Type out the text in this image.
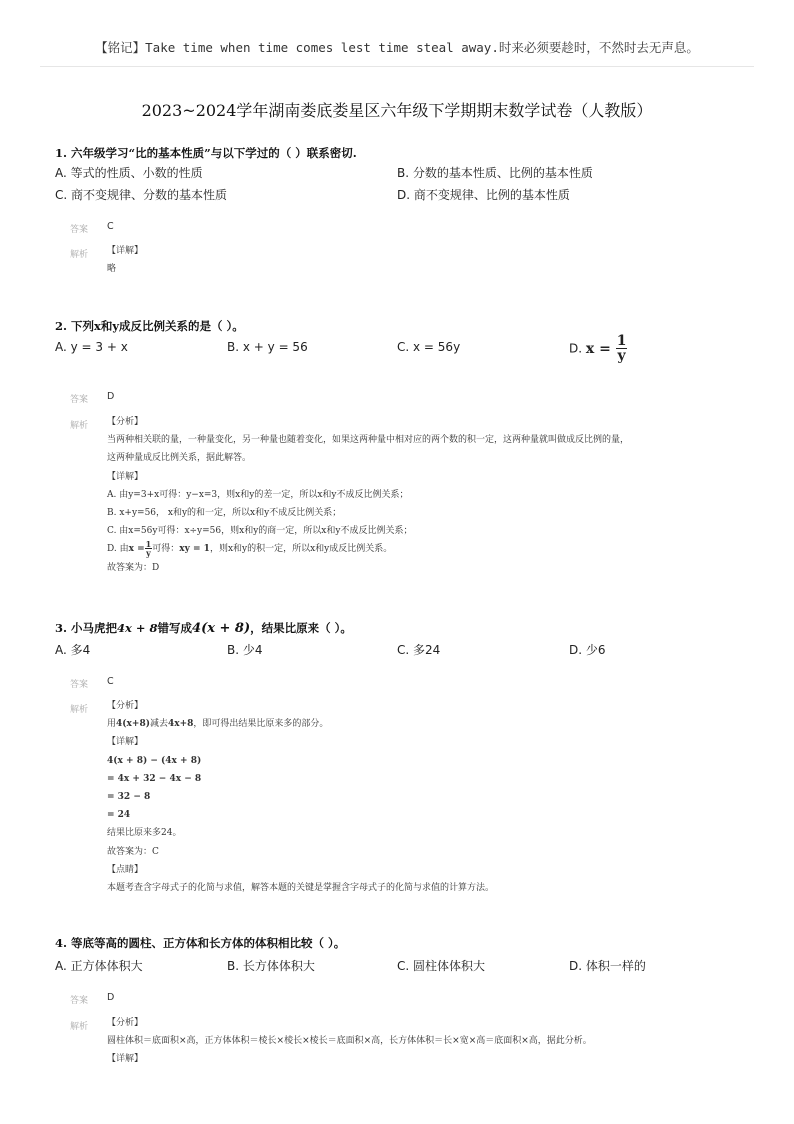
【铭记】Take time when time comes lest time steal away.时来必须要趁时，不然时去无声息。
2023~2024学年湖南娄底娄星区六年级下学期期末数学试卷（人教版）
1. 六年级学习“比的基本性质”与以下学过的（ ）联系密切.
A. 等式的性质、小数的性质	B. 分数的基本性质、比例的基本性质
C. 商不变规律、分数的基本性质	D. 商不变规律、比例的基本性质
答案 C
解析 【详解】
略
2. 下列x和y成反比例关系的是（ ）。
A. y = 3 + x	B. x + y = 56	C. x = 56y	D. $x = \frac{1}{y}$
答案 D
解析 【分析】
当两种相关联的量，一种量变化，另一种量也随着变化，如果这两种量中相对应的两个数的积一定，这两种量就叫做成反比例的量，
这两种量成反比例关系，据此解答。
【详解】
A. 由y=3+x可得：y−x=3，则x和y的差一定，所以x和y不成反比例关系；
B. x+y=56， x和y的和一定，所以x和y不成反比例关系；
C. 由x=56y可得：x÷y=56，则x和y的商一定，所以x和y不成反比例关系；
D. 由$x = \frac{1}{y}$ 可得：xy = 1，则x和y的积一定，所以x和y成反比例关系。
故答案为：D
3. 小马虎把4x + 8错写成4(x + 8)，结果比原来（ ）。
A. 多4	B. 少4	C. 多24	D. 少6
答案 C
解析 【分析】
用4(x+8)减去4x+8，即可得出结果比原来多的部分。
【详解】
4(x + 8) − (4x + 8)
= 4x + 32 − 4x − 8
= 32 − 8
= 24
结果比原来多24。
故答案为：C
【点睛】
本题考查含字母式子的化简与求值，解答本题的关键是掌握含字母式子的化简与求值的计算方法。
4. 等底等高的圆柱、正方体和长方体的体积相比较（ ）。
A. 正方体体积大	B. 长方体体积大	C. 圆柱体体积大	D. 体积一样的
答案 D
解析 【分析】
圆柱体积＝底面积×高，正方体体积＝棱长×棱长×棱长＝底面积×高，长方体体积＝长×宽×高＝底面积×高，据此分析。
【详解】
